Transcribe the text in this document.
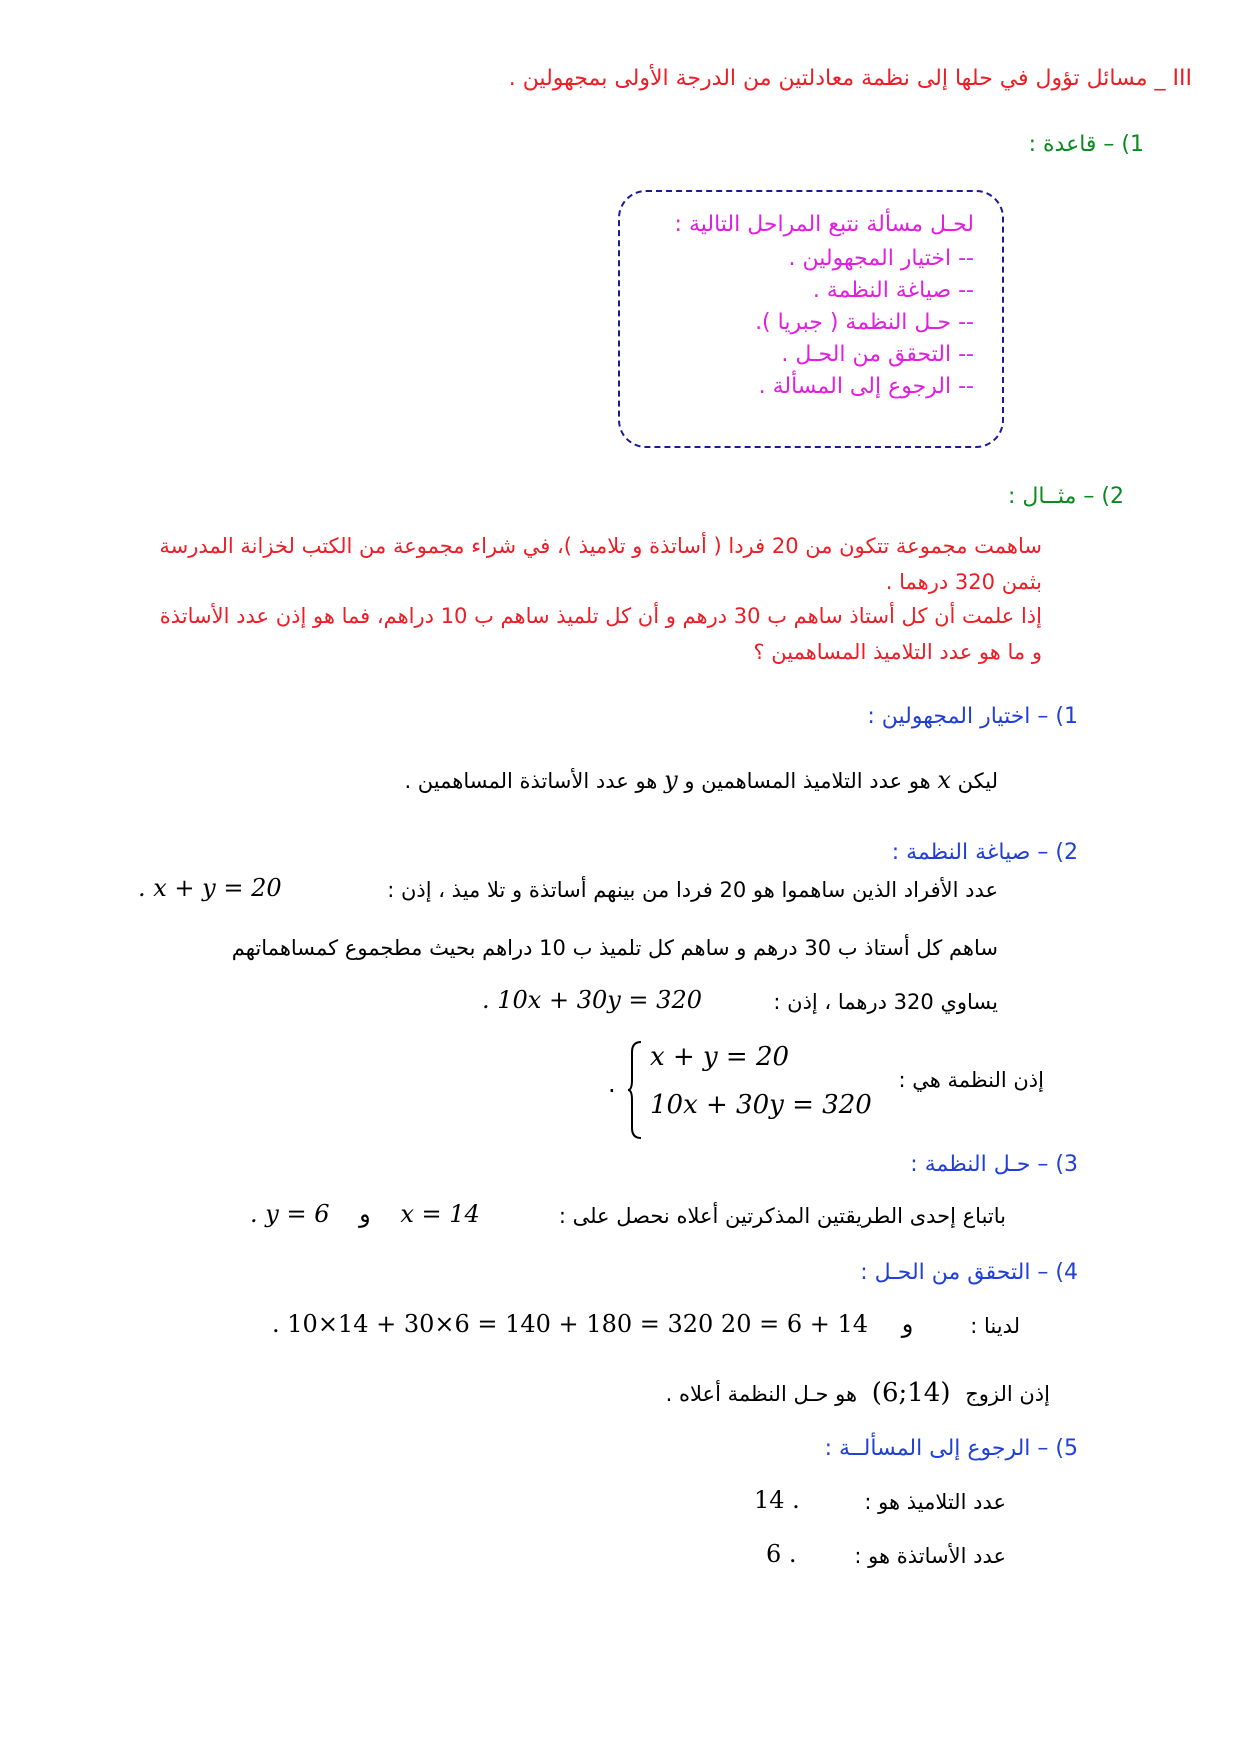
III _ مسائل تؤول في حلها إلى نظمة معادلتين من الدرجة الأولى بمجهولين .
1) – قاعدة :
لحـل مسألة نتبع المراحل التالية :
-- اختيار المجهولين .
-- صياغة النظمة .
-- حـل النظمة ( جبريا ).
-- التحقق من الحـل .
-- الرجوع إلى المسألة .
2) – مثــال :
ساهمت مجموعة تتكون من 20 فردا ( أساتذة و تلاميذ )، في شراء مجموعة من الكتب لخزانة المدرسة
بثمن 320 درهما .
إذا علمت أن كل أستاذ ساهم ب 30 درهم و أن كل تلميذ ساهم ب 10 دراهم، فما هو إذن عدد الأساتذة
و ما هو عدد التلاميذ المساهمين ؟
1) – اختيار المجهولين :
ليكن x هو عدد التلاميذ المساهمين و y هو عدد الأساتذة المساهمين .
2) – صياغة النظمة :
عدد الأفراد الذين ساهموا هو 20 فردا من بينهم أساتذة و تلا ميذ ، إذن :
. x + y = 20
ساهم كل أستاذ ب 30 درهم و ساهم كل تلميذ ب 10 دراهم بحيث مطجموع كمساهماتهم
يساوي 320 درهما ، إذن :
. 10x + 30y = 320
إذن النظمة هي :
x + y = 20
10x + 30y = 320
.
3) – حـل النظمة :
باتباع إحدى الطريقتين المذكرتين أعلاه نحصل على :
. y = 6 و x = 14
4) – التحقق من الحـل :
لدينا :
. 10×14 + 30×6 = 140 + 180 = 320	و 14 + 6 = 20
إذن الزوج (14;6) هو حـل النظمة أعلاه .
5) – الرجوع إلى المسألــة :
عدد التلاميذ هو :
14 .
عدد الأساتذة هو :
6 .
